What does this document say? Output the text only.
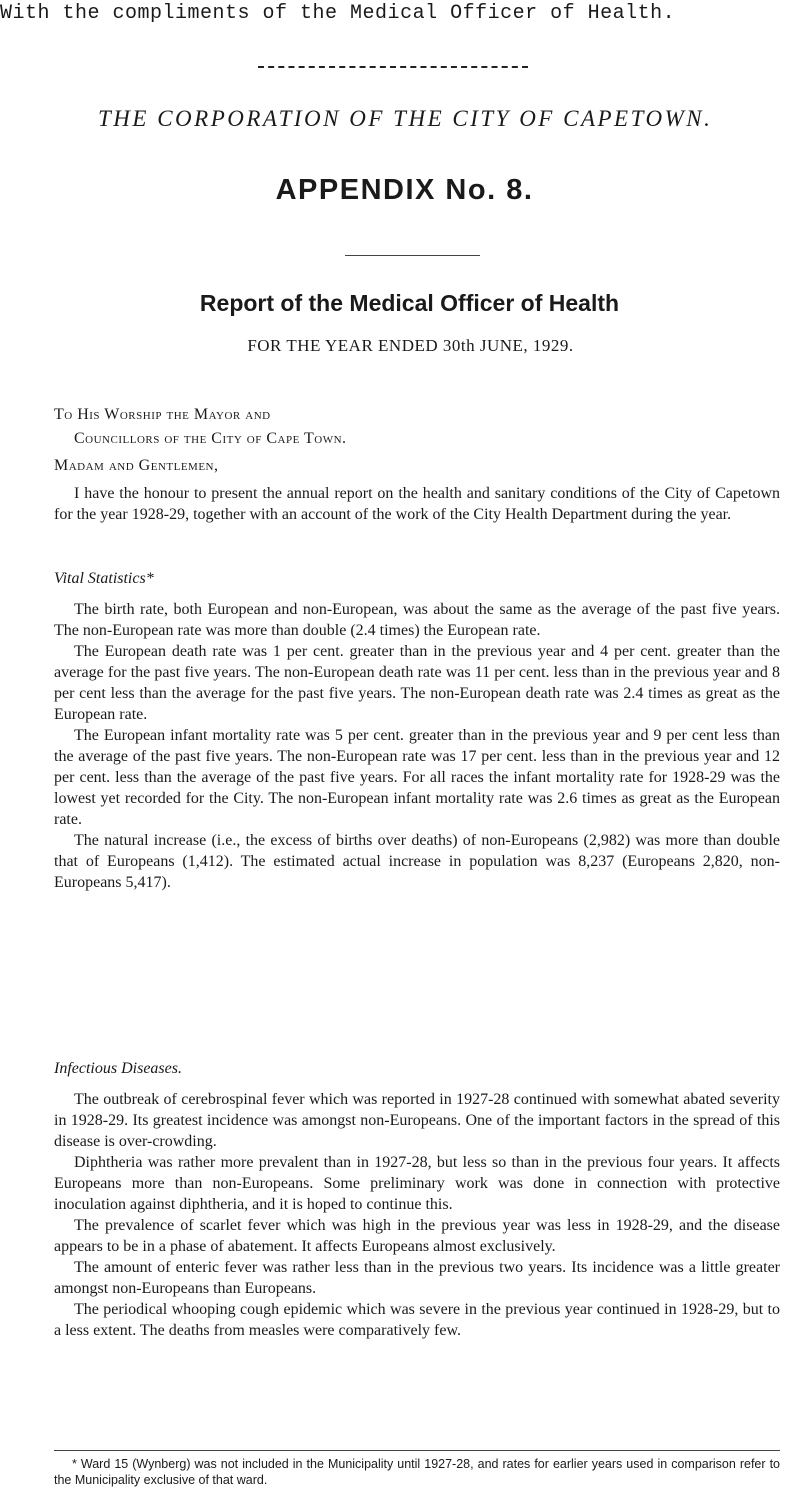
With the compliments of the Medical Officer of Health.
THE CORPORATION OF THE CITY OF CAPETOWN.
APPENDIX No. 8.
Report of the Medical Officer of Health
FOR THE YEAR ENDED 30th JUNE, 1929.
To His Worship the Mayor and
Councillors of the City of Cape Town.
Madam and Gentlemen,

I have the honour to present the annual report on the health and sanitary conditions of the City of Capetown for the year 1928-29, together with an account of the work of the City Health Department during the year.

Vital Statistics*

The birth rate, both European and non-European, was about the same as the average of the past five years. The non-European rate was more than double (2.4 times) the European rate.

The European death rate was 1 per cent. greater than in the previous year and 4 per cent. greater than the average for the past five years. The non-European death rate was 11 per cent. less than in the previous year and 8 per cent less than the average for the past five years. The non-European death rate was 2.4 times as great as the European rate.

The European infant mortality rate was 5 per cent. greater than in the previous year and 9 per cent less than the average of the past five years. The non-European rate was 17 per cent. less than in the previous year and 12 per cent. less than the average of the past five years. For all races the infant mortality rate for 1928-29 was the lowest yet recorded for the City. The non-European infant mortality rate was 2.6 times as great as the European rate.

The natural increase (i.e., the excess of births over deaths) of non-Europeans (2,982) was more than double that of Europeans (1,412). The estimated actual increase in population was 8,237 (Europeans 2,820, non-Europeans 5,417).

Infectious Diseases.

The outbreak of cerebrospinal fever which was reported in 1927-28 continued with somewhat abated severity in 1928-29. Its greatest incidence was amongst non-Europeans. One of the important factors in the spread of this disease is over-crowding.

Diphtheria was rather more prevalent than in 1927-28, but less so than in the previous four years. It affects Europeans more than non-Europeans. Some preliminary work was done in connection with protective inoculation against diphtheria, and it is hoped to continue this.

The prevalence of scarlet fever which was high in the previous year was less in 1928-29, and the disease appears to be in a phase of abatement. It affects Europeans almost exclusively.

The amount of enteric fever was rather less than in the previous two years. Its incidence was a little greater amongst non-Europeans than Europeans.

The periodical whooping cough epidemic which was severe in the previous year continued in 1928-29, but to a less extent. The deaths from measles were comparatively few.

* Ward 15 (Wynberg) was not included in the Municipality until 1927-28, and rates for earlier years used in comparison refer to the Municipality exclusive of that ward.
